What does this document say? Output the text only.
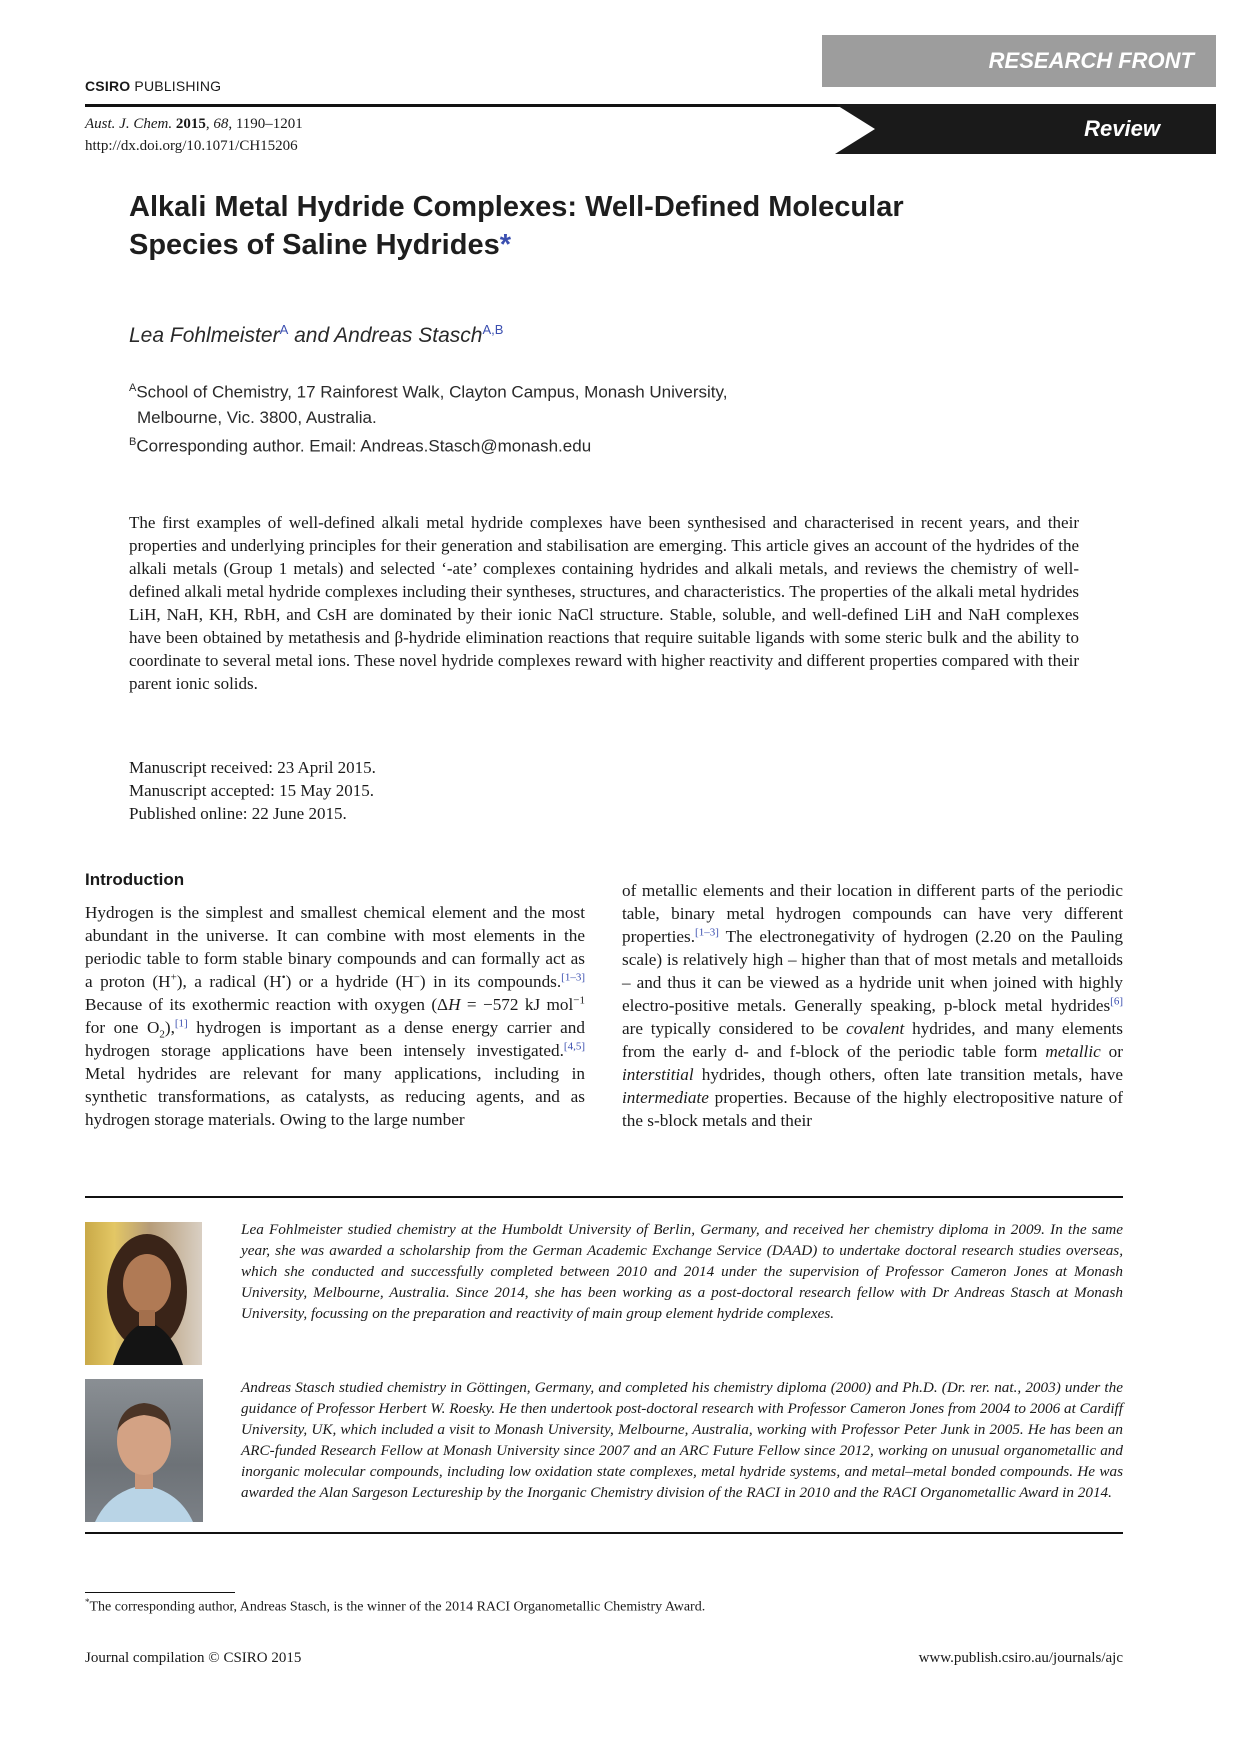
CSIRO PUBLISHING
RESEARCH FRONT
Review
Aust. J. Chem. 2015, 68, 1190–1201
http://dx.doi.org/10.1071/CH15206
Alkali Metal Hydride Complexes: Well-Defined Molecular
Species of Saline Hydrides*
Lea Fohlmeister$^A$ and Andreas Stasch$^{A,B}$
$^A$School of Chemistry, 17 Rainforest Walk, Clayton Campus, Monash University,
Melbourne, Vic. 3800, Australia.
$^B$Corresponding author. Email: Andreas.Stasch@monash.edu
The first examples of well-defined alkali metal hydride complexes have been synthesised and characterised in recent years, and their properties and underlying principles for their generation and stabilisation are emerging. This article gives an account of the hydrides of the alkali metals (Group 1 metals) and selected ‘-ate’ complexes containing hydrides and alkali metals, and reviews the chemistry of well-defined alkali metal hydride complexes including their syntheses, structures, and characteristics. The properties of the alkali metal hydrides LiH, NaH, KH, RbH, and CsH are dominated by their ionic NaCl structure. Stable, soluble, and well-defined LiH and NaH complexes have been obtained by metathesis and β-hydride elimination reactions that require suitable ligands with some steric bulk and the ability to coordinate to several metal ions. These novel hydride complexes reward with higher reactivity and different properties compared with their parent ionic solids.
Manuscript received: 23 April 2015.
Manuscript accepted: 15 May 2015.
Published online: 22 June 2015.
Introduction
Hydrogen is the simplest and smallest chemical element and the most abundant in the universe. It can combine with most elements in the periodic table to form stable binary compounds and can formally act as a proton (H+), a radical (H•) or a hydride (H−) in its compounds.[1–3] Because of its exothermic reaction with oxygen (ΔH = −572 kJ mol$^{-1}$ for one $O_2),[1]$ hydrogen is important as a dense energy carrier and hydrogen storage applications have been intensely investigated.[4,5] Metal hydrides are relevant for many applications, including in synthetic transformations, as catalysts, as reducing agents, and as hydrogen storage materials. Owing to the large number
of metallic elements and their location in different parts of the periodic table, binary metal hydrogen compounds can have very different properties.[1–3] The electronegativity of hydrogen (2.20 on the Pauling scale) is relatively high – higher than that of most metals and metalloids – and thus it can be viewed as a hydride unit when joined with highly electro-positive metals. Generally speaking, p-block metal hydrides[6] are typically considered to be covalent hydrides, and many elements from the early d- and f-block of the periodic table form metallic or interstitial hydrides, though others, often late transition metals, have intermediate properties. Because of the highly electropositive nature of the s-block metals and their
Lea Fohlmeister studied chemistry at the Humboldt University of Berlin, Germany, and received her chemistry diploma in 2009. In the same year, she was awarded a scholarship from the German Academic Exchange Service (DAAD) to undertake doctoral research studies overseas, which she conducted and successfully completed between 2010 and 2014 under the supervision of Professor Cameron Jones at Monash University, Melbourne, Australia. Since 2014, she has been working as a post-doctoral research fellow with Dr Andreas Stasch at Monash University, focussing on the preparation and reactivity of main group element hydride complexes.
Andreas Stasch studied chemistry in Göttingen, Germany, and completed his chemistry diploma (2000) and Ph.D. (Dr. rer. nat., 2003) under the guidance of Professor Herbert W. Roesky. He then undertook post-doctoral research with Professor Cameron Jones from 2004 to 2006 at Cardiff University, UK, which included a visit to Monash University, Melbourne, Australia, working with Professor Peter Junk in 2005. He has been an ARC-funded Research Fellow at Monash University since 2007 and an ARC Future Fellow since 2012, working on unusual organometallic and inorganic molecular compounds, including low oxidation state complexes, metal hydride systems, and metal–metal bonded compounds. He was awarded the Alan Sargeson Lectureship by the Inorganic Chemistry division of the RACI in 2010 and the RACI Organometallic Award in 2014.
*The corresponding author, Andreas Stasch, is the winner of the 2014 RACI Organometallic Chemistry Award.
Journal compilation © CSIRO 2015	www.publish.csiro.au/journals/ajc
